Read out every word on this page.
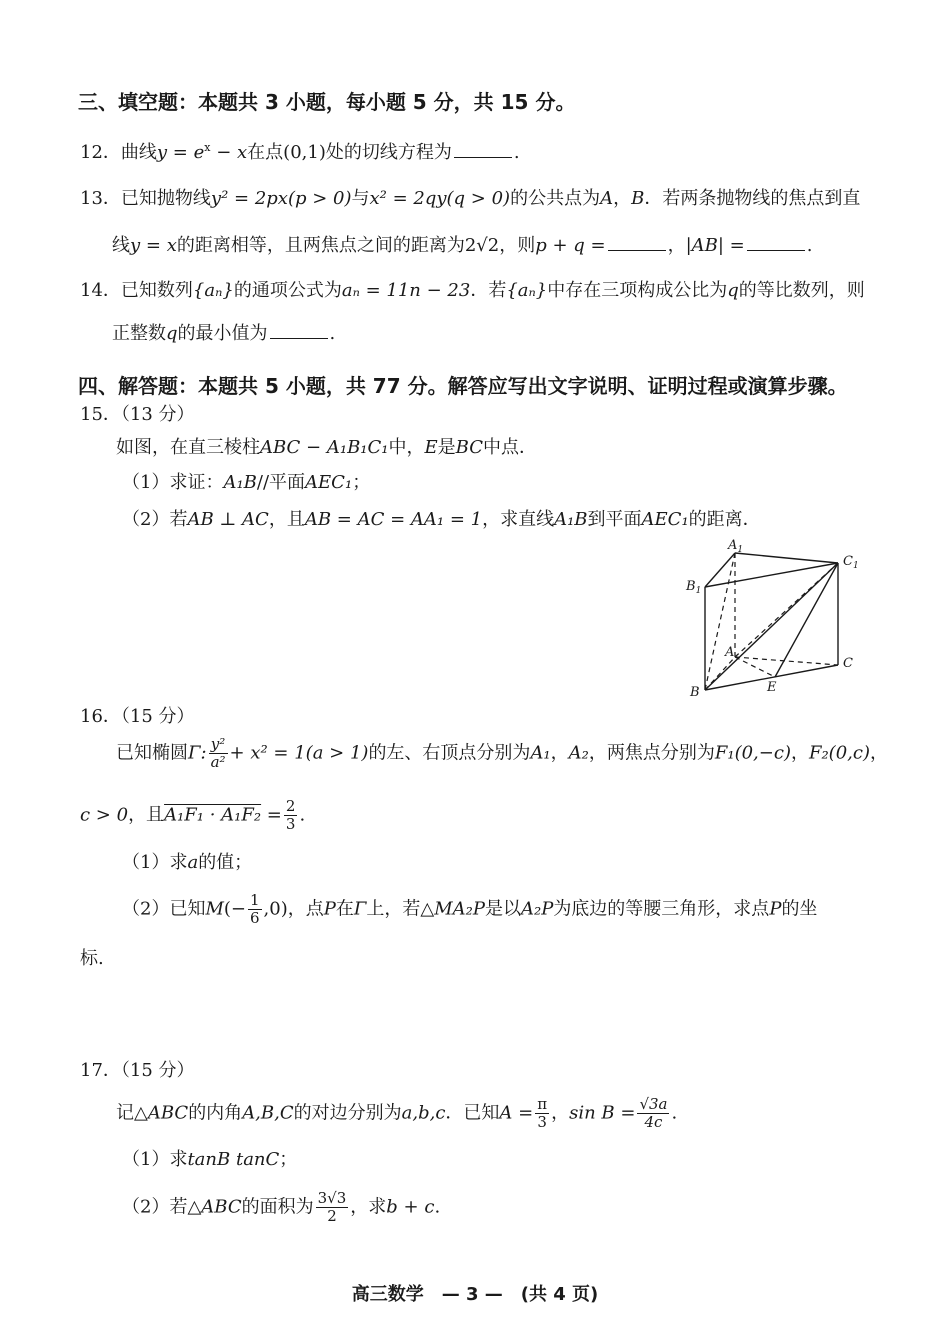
三、填空题：本题共 3 小题，每小题 5 分，共 15 分。
12．曲线$y = e^x - x$在点(0,1)处的切线方程为	.
13．已知抛物线y² = 2px(p > 0)与x² = 2qy(q > 0)的公共点为A，B．若两条抛物线的焦点到直
线y = x的距离相等，且两焦点之间的距离为2√2，则p + q =	，|AB| =	.
14．已知数列{aₙ}的通项公式为aₙ = 11n − 23．若{aₙ}中存在三项构成公比为q的等比数列，则
正整数q的最小值为	.
四、解答题：本题共 5 小题，共 77 分。解答应写出文字说明、证明过程或演算步骤。
15．（13 分）
如图，在直三棱柱ABC − A₁B₁C₁中，E是BC中点．
（1）求证：A₁B//平面AEC₁；
（2）若AB ⊥ AC，且AB = AC = AA₁ = 1，求直线A₁B到平面AEC₁的距离．
$A_1$
$B_1$
$C_1$
A
B
C
E
16．（15 分）
已知椭圆Γ: $\frac{\text{y²}}{\text{a²}} + x^2 = 1(a > 1)$的左、右顶点分别为A₁，A₂，两焦点分别为F₁(0,−c)，F₂(0,c)，
c > 0，且$A_1F_1 \cdot A_1F_2 = \frac{2}{3}$ .
（1）求a的值；
（2）已知$M(- \frac{1}{6} ,0)$，点P在Γ上，若△MA₂P是以A₂P为底边的等腰三角形，求点P的坐
标.
17．（15 分）
记△ABC的内角A,B,C的对边分别为a,b,c．已知$A = \frac{\pi}{3}$ ，$\sin B = \frac{√3a}{4c}$ .
（1）求tanB tanC；
（2）若△ABC的面积为 $\frac{3√3}{2}$ ，求b + c.
高三数学　— 3 —　(共 4 页)
